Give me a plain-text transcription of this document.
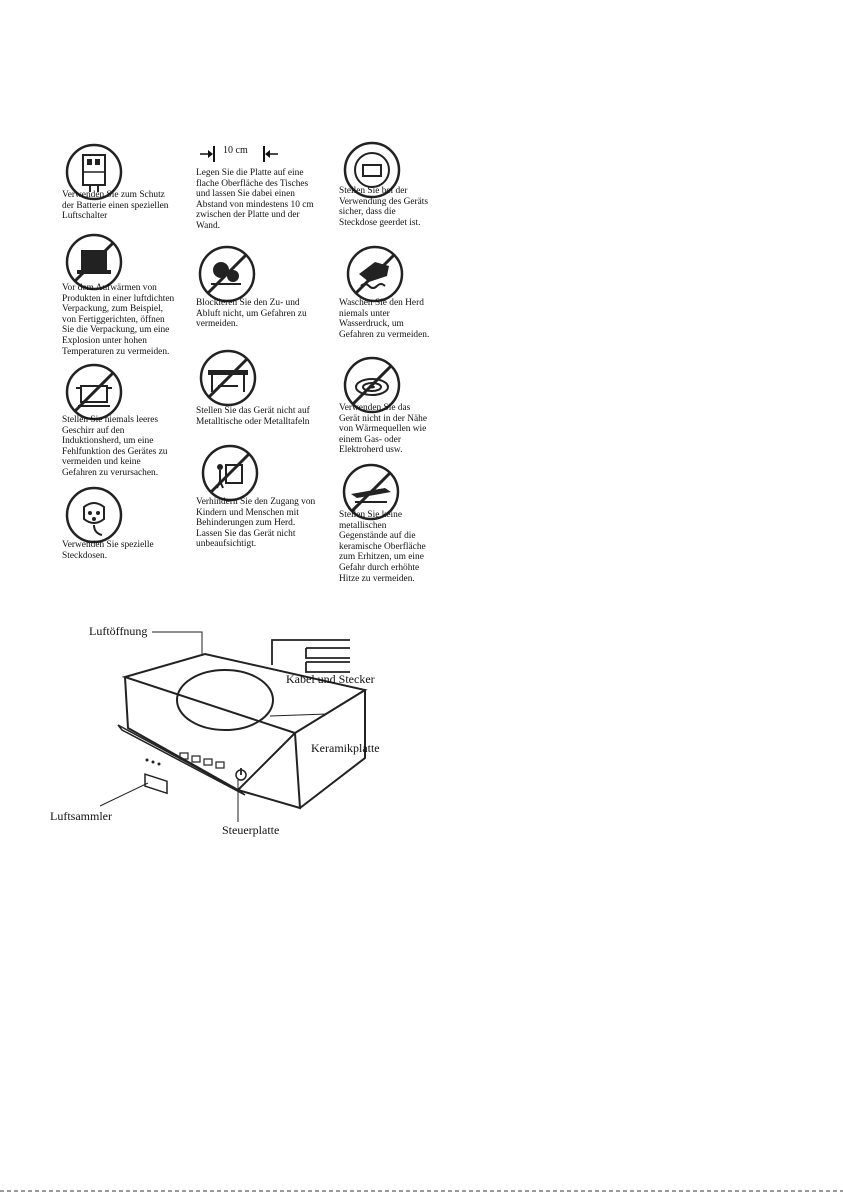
Verwenden Sie zum Schutz
der Batterie einen speziellen
Luftschalter
Vor dem Aufwärmen von
Produkten in einer luftdichten
Verpackung, zum Beispiel,
von Fertiggerichten, öffnen
Sie die Verpackung, um eine
Explosion unter hohen
Temperaturen zu vermeiden.
Stellen Sie niemals leeres
Geschirr auf den
Induktionsherd, um eine
Fehlfunktion des Gerätes zu
vermeiden und keine
Gefahren zu verursachen.
Verwenden Sie spezielle
Steckdosen.
10 cm
Legen Sie die Platte auf eine
flache Oberfläche des Tisches
und lassen Sie dabei einen
Abstand von mindestens 10 cm
zwischen der Platte und der
Wand.
Blockieren Sie den Zu- und
Abluft nicht, um Gefahren zu
vermeiden.
Stellen Sie das Gerät nicht auf
Metalltische oder Metalltafeln
Verhindern Sie den Zugang von
Kindern und Menschen mit
Behinderungen zum Herd.
Lassen Sie das Gerät nicht
unbeaufsichtigt.
Stellen Sie bei der
Verwendung des Geräts
sicher, dass die
Steckdose geerdet ist.
Waschen Sie den Herd
niemals unter
Wasserdruck, um
Gefahren zu vermeiden.
Verwenden Sie das
Gerät nicht in der Nähe
von Wärmequellen wie
einem Gas- oder
Elektroherd usw.
Stellen Sie keine
metallischen
Gegenstände auf die
keramische Oberfläche
zum Erhitzen, um eine
Gefahr durch erhöhte
Hitze zu vermeiden.
Luftöffnung
Kabel und Stecker
Keramikplatte
Luftsammler
Steuerplatte
